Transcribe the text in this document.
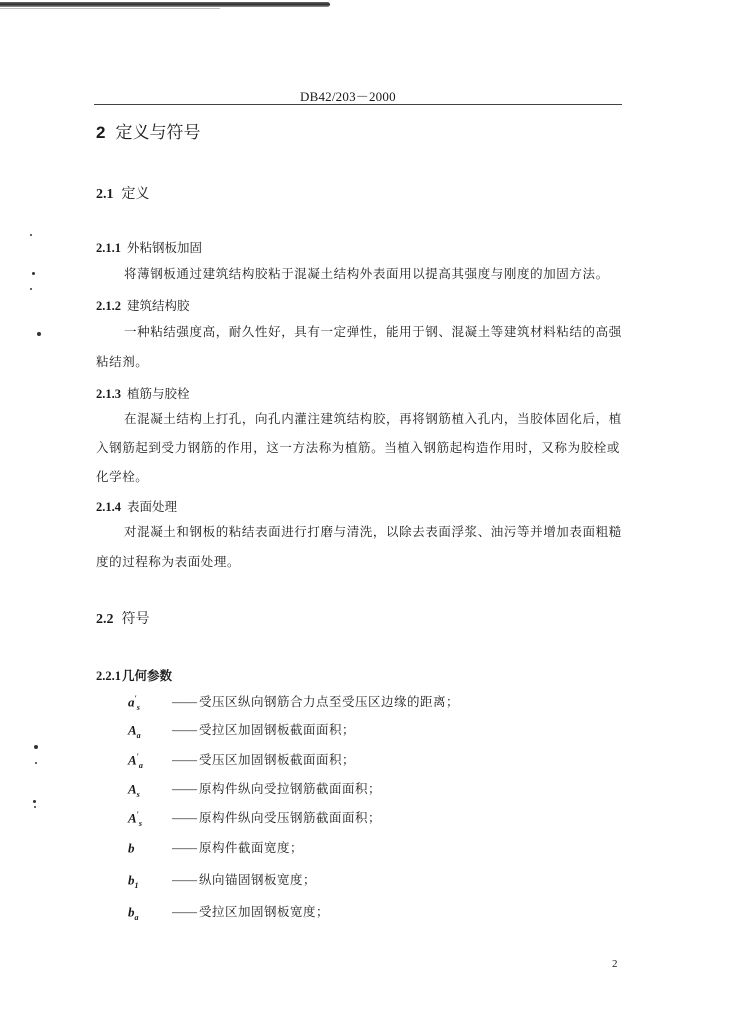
DB42/203－2000
2 定义与符号
2.1 定义
2.1.1 外粘钢板加固
将薄钢板通过建筑结构胶粘于混凝土结构外表面用以提高其强度与刚度的加固方法。
2.1.2 建筑结构胶
一种粘结强度高，耐久性好，具有一定弹性，能用于钢、混凝土等建筑材料粘结的高强
粘结剂。
2.1.3 植筋与胶栓
在混凝土结构上打孔，向孔内灌注建筑结构胶，再将钢筋植入孔内，当胶体固化后，植
入钢筋起到受力钢筋的作用，这一方法称为植筋。当植入钢筋起构造作用时，又称为胶栓或
化学栓。
2.1.4 表面处理
对混凝土和钢板的粘结表面进行打磨与清洗，以除去表面浮浆、油污等并增加表面粗糙
度的过程称为表面处理。
2.2 符号
2.2.1几何参数
$a'_s$	—— 受压区纵向钢筋合力点至受压区边缘的距离；
$A_a$	—— 受拉区加固钢板截面面积；
$A'_a$	—— 受压区加固钢板截面面积；
$A_s$	—— 原构件纵向受拉钢筋截面面积；
$A'_s$	—— 原构件纵向受压钢筋截面面积；
b	—— 原构件截面宽度；
$b_1$	—— 纵向锚固钢板宽度；
$b_a$	—— 受拉区加固钢板宽度；
2
